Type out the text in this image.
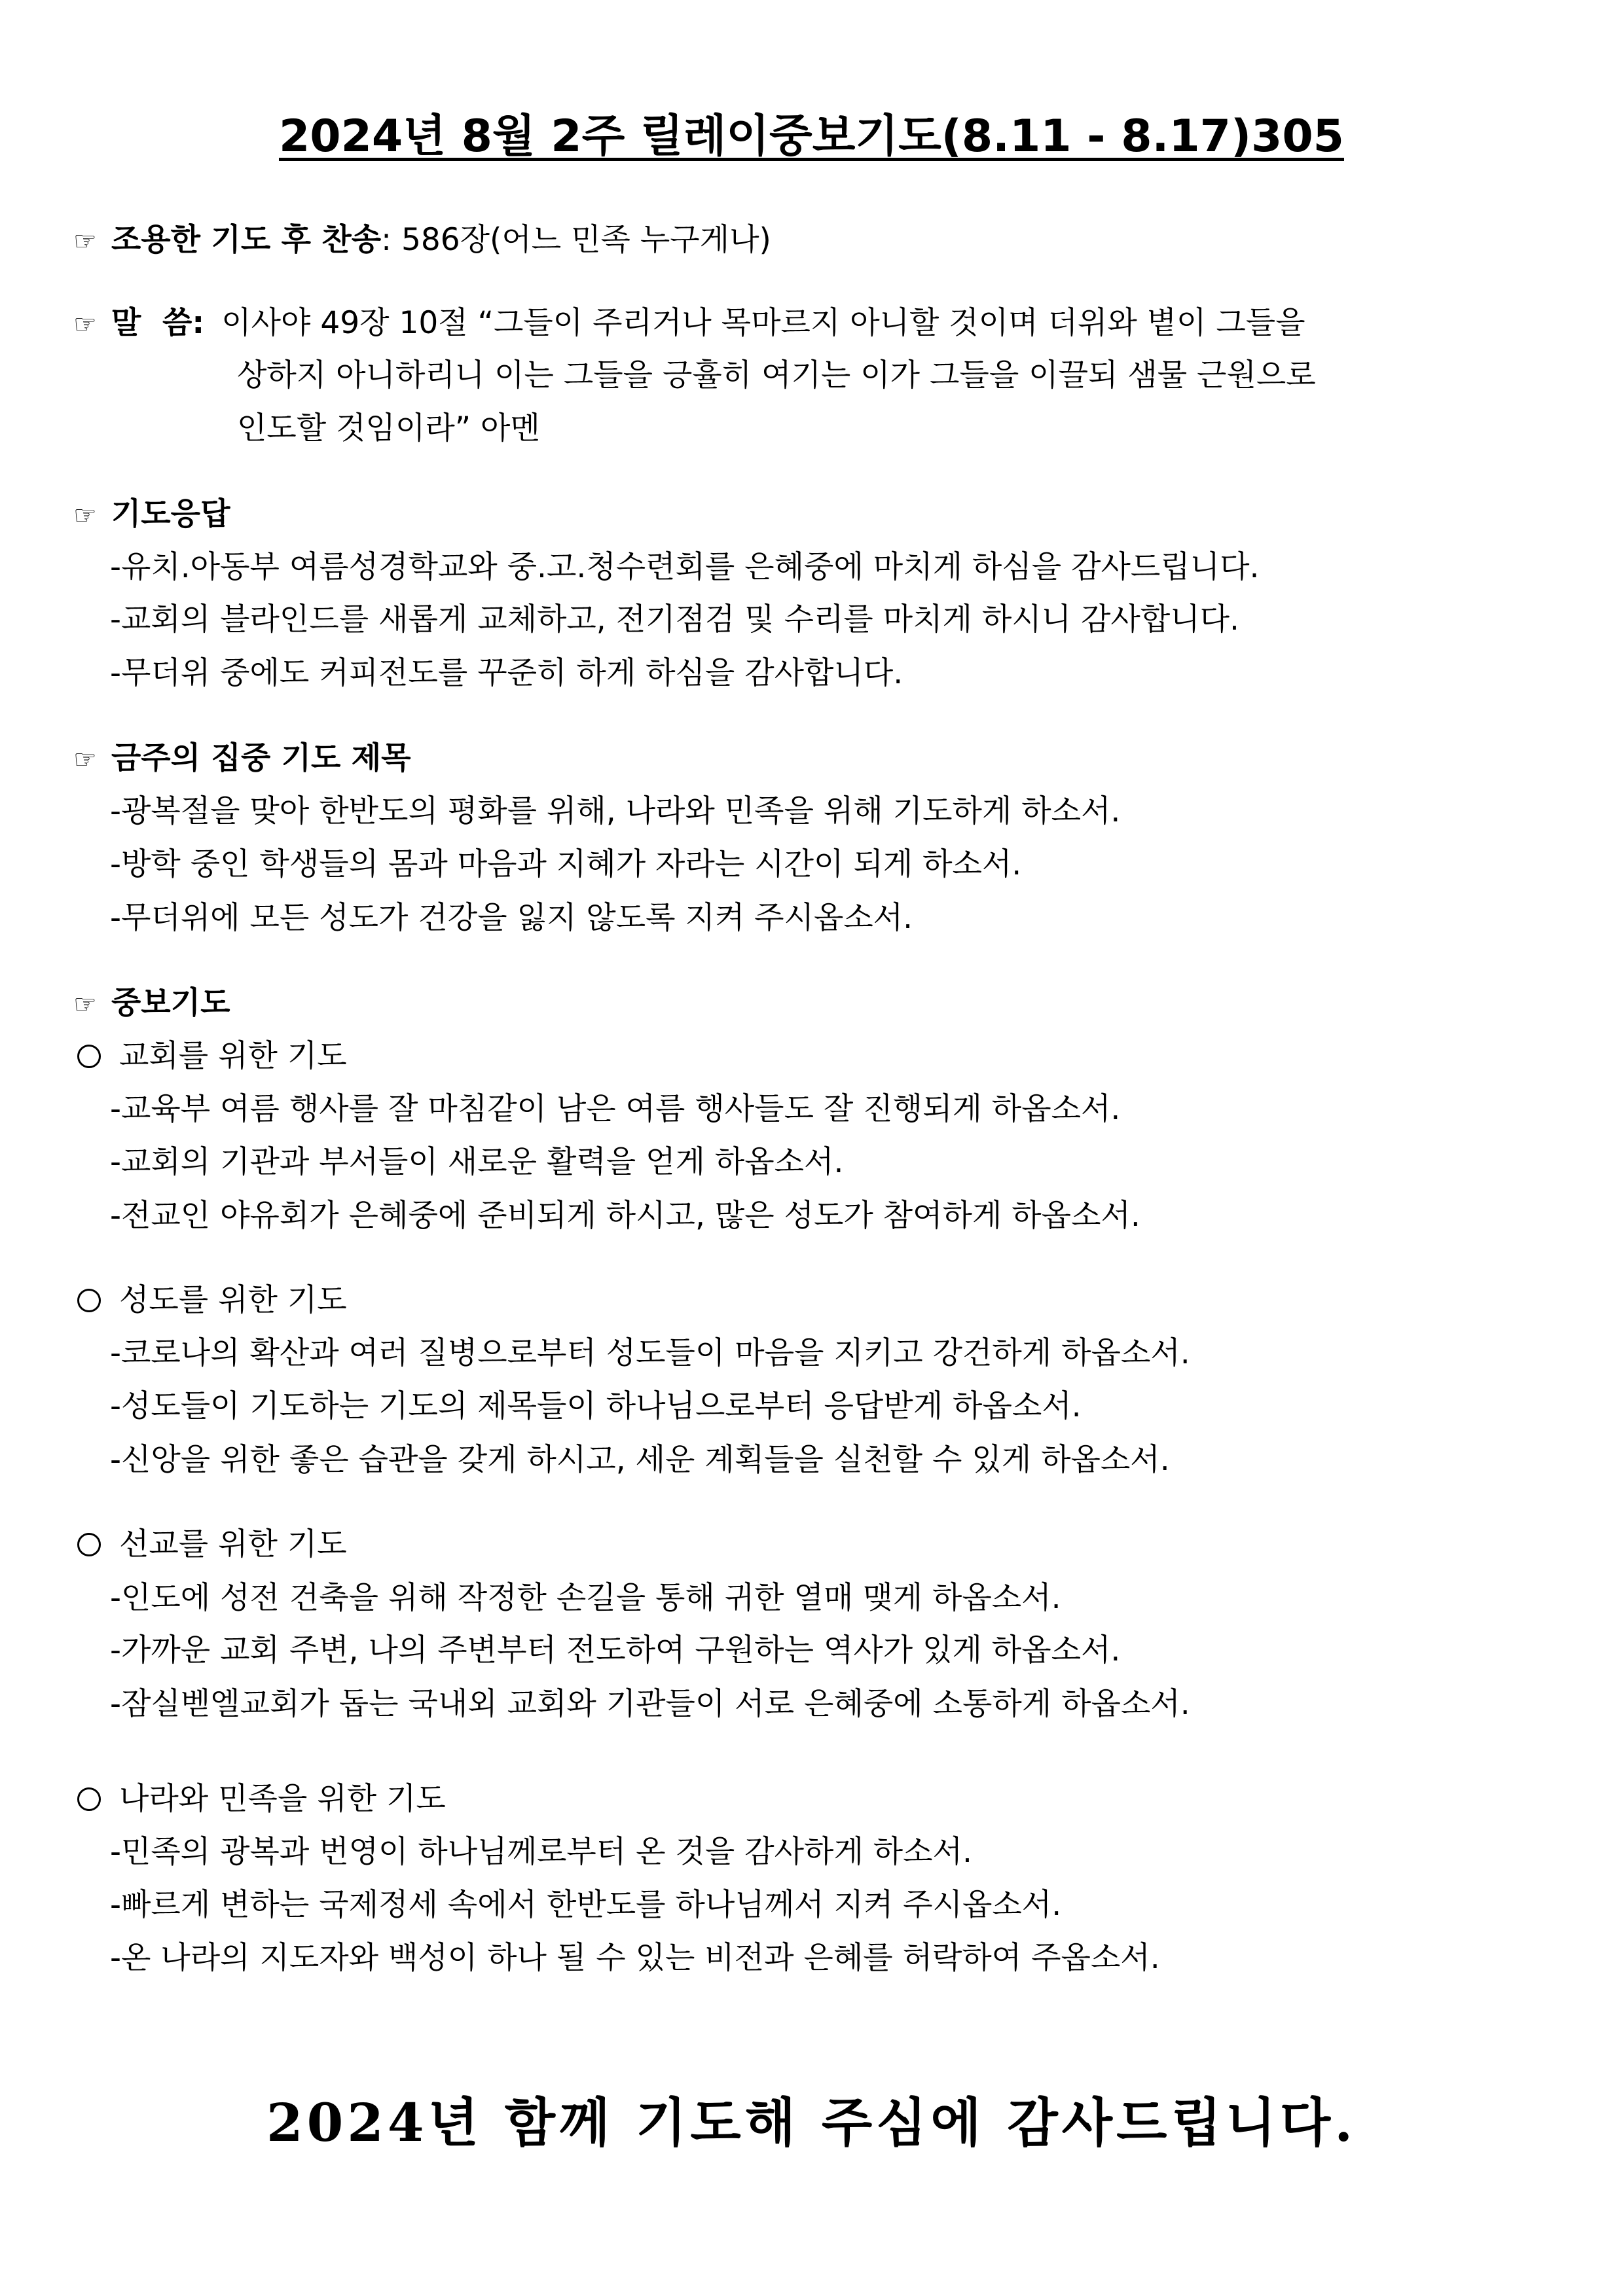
2024년 8월 2주 릴레이중보기도(8.11 - 8.17)305

☞ 조용한 기도 후 찬송: 586장(어느 민족 누구게나)

☞ 말  씀: 이사야 49장 10절 “그들이 주리거나 목마르지 아니할 것이며 더위와 볕이 그들을

상하지 아니하리니 이는 그들을 긍휼히 여기는 이가 그들을 이끌되 샘물 근원으로

인도할 것임이라” 아멘

☞ 기도응답

-유치.아동부 여름성경학교와 중.고.청수련회를 은혜중에 마치게 하심을 감사드립니다.

-교회의 블라인드를 새롭게 교체하고, 전기점검 및 수리를 마치게 하시니 감사합니다.

-무더위 중에도 커피전도를 꾸준히 하게 하심을 감사합니다.

☞ 금주의 집중 기도 제목

-광복절을 맞아 한반도의 평화를 위해, 나라와 민족을 위해 기도하게 하소서.

-방학 중인 학생들의 몸과 마음과 지혜가 자라는 시간이 되게 하소서.

-무더위에 모든 성도가 건강을 잃지 않도록 지켜 주시옵소서.

☞ 중보기도

교회를 위한 기도

-교육부 여름 행사를 잘 마침같이 남은 여름 행사들도 잘 진행되게 하옵소서.

-교회의 기관과 부서들이 새로운 활력을 얻게 하옵소서.

-전교인 야유회가 은혜중에 준비되게 하시고, 많은 성도가 참여하게 하옵소서.

성도를 위한 기도

-코로나의 확산과 여러 질병으로부터 성도들이 마음을 지키고 강건하게 하옵소서.

-성도들이 기도하는 기도의 제목들이 하나님으로부터 응답받게 하옵소서.

-신앙을 위한 좋은 습관을 갖게 하시고, 세운 계획들을 실천할 수 있게 하옵소서.

선교를 위한 기도

-인도에 성전 건축을 위해 작정한 손길을 통해 귀한 열매 맺게 하옵소서.

-가까운 교회 주변, 나의 주변부터 전도하여 구원하는 역사가 있게 하옵소서.

-잠실벧엘교회가 돕는 국내외 교회와 기관들이 서로 은혜중에 소통하게 하옵소서.

나라와 민족을 위한 기도

-민족의 광복과 번영이 하나님께로부터 온 것을 감사하게 하소서.

-빠르게 변하는 국제정세 속에서 한반도를 하나님께서 지켜 주시옵소서.

-온 나라의 지도자와 백성이 하나 될 수 있는 비전과 은혜를 허락하여 주옵소서.

2024년 함께 기도해 주심에 감사드립니다.
